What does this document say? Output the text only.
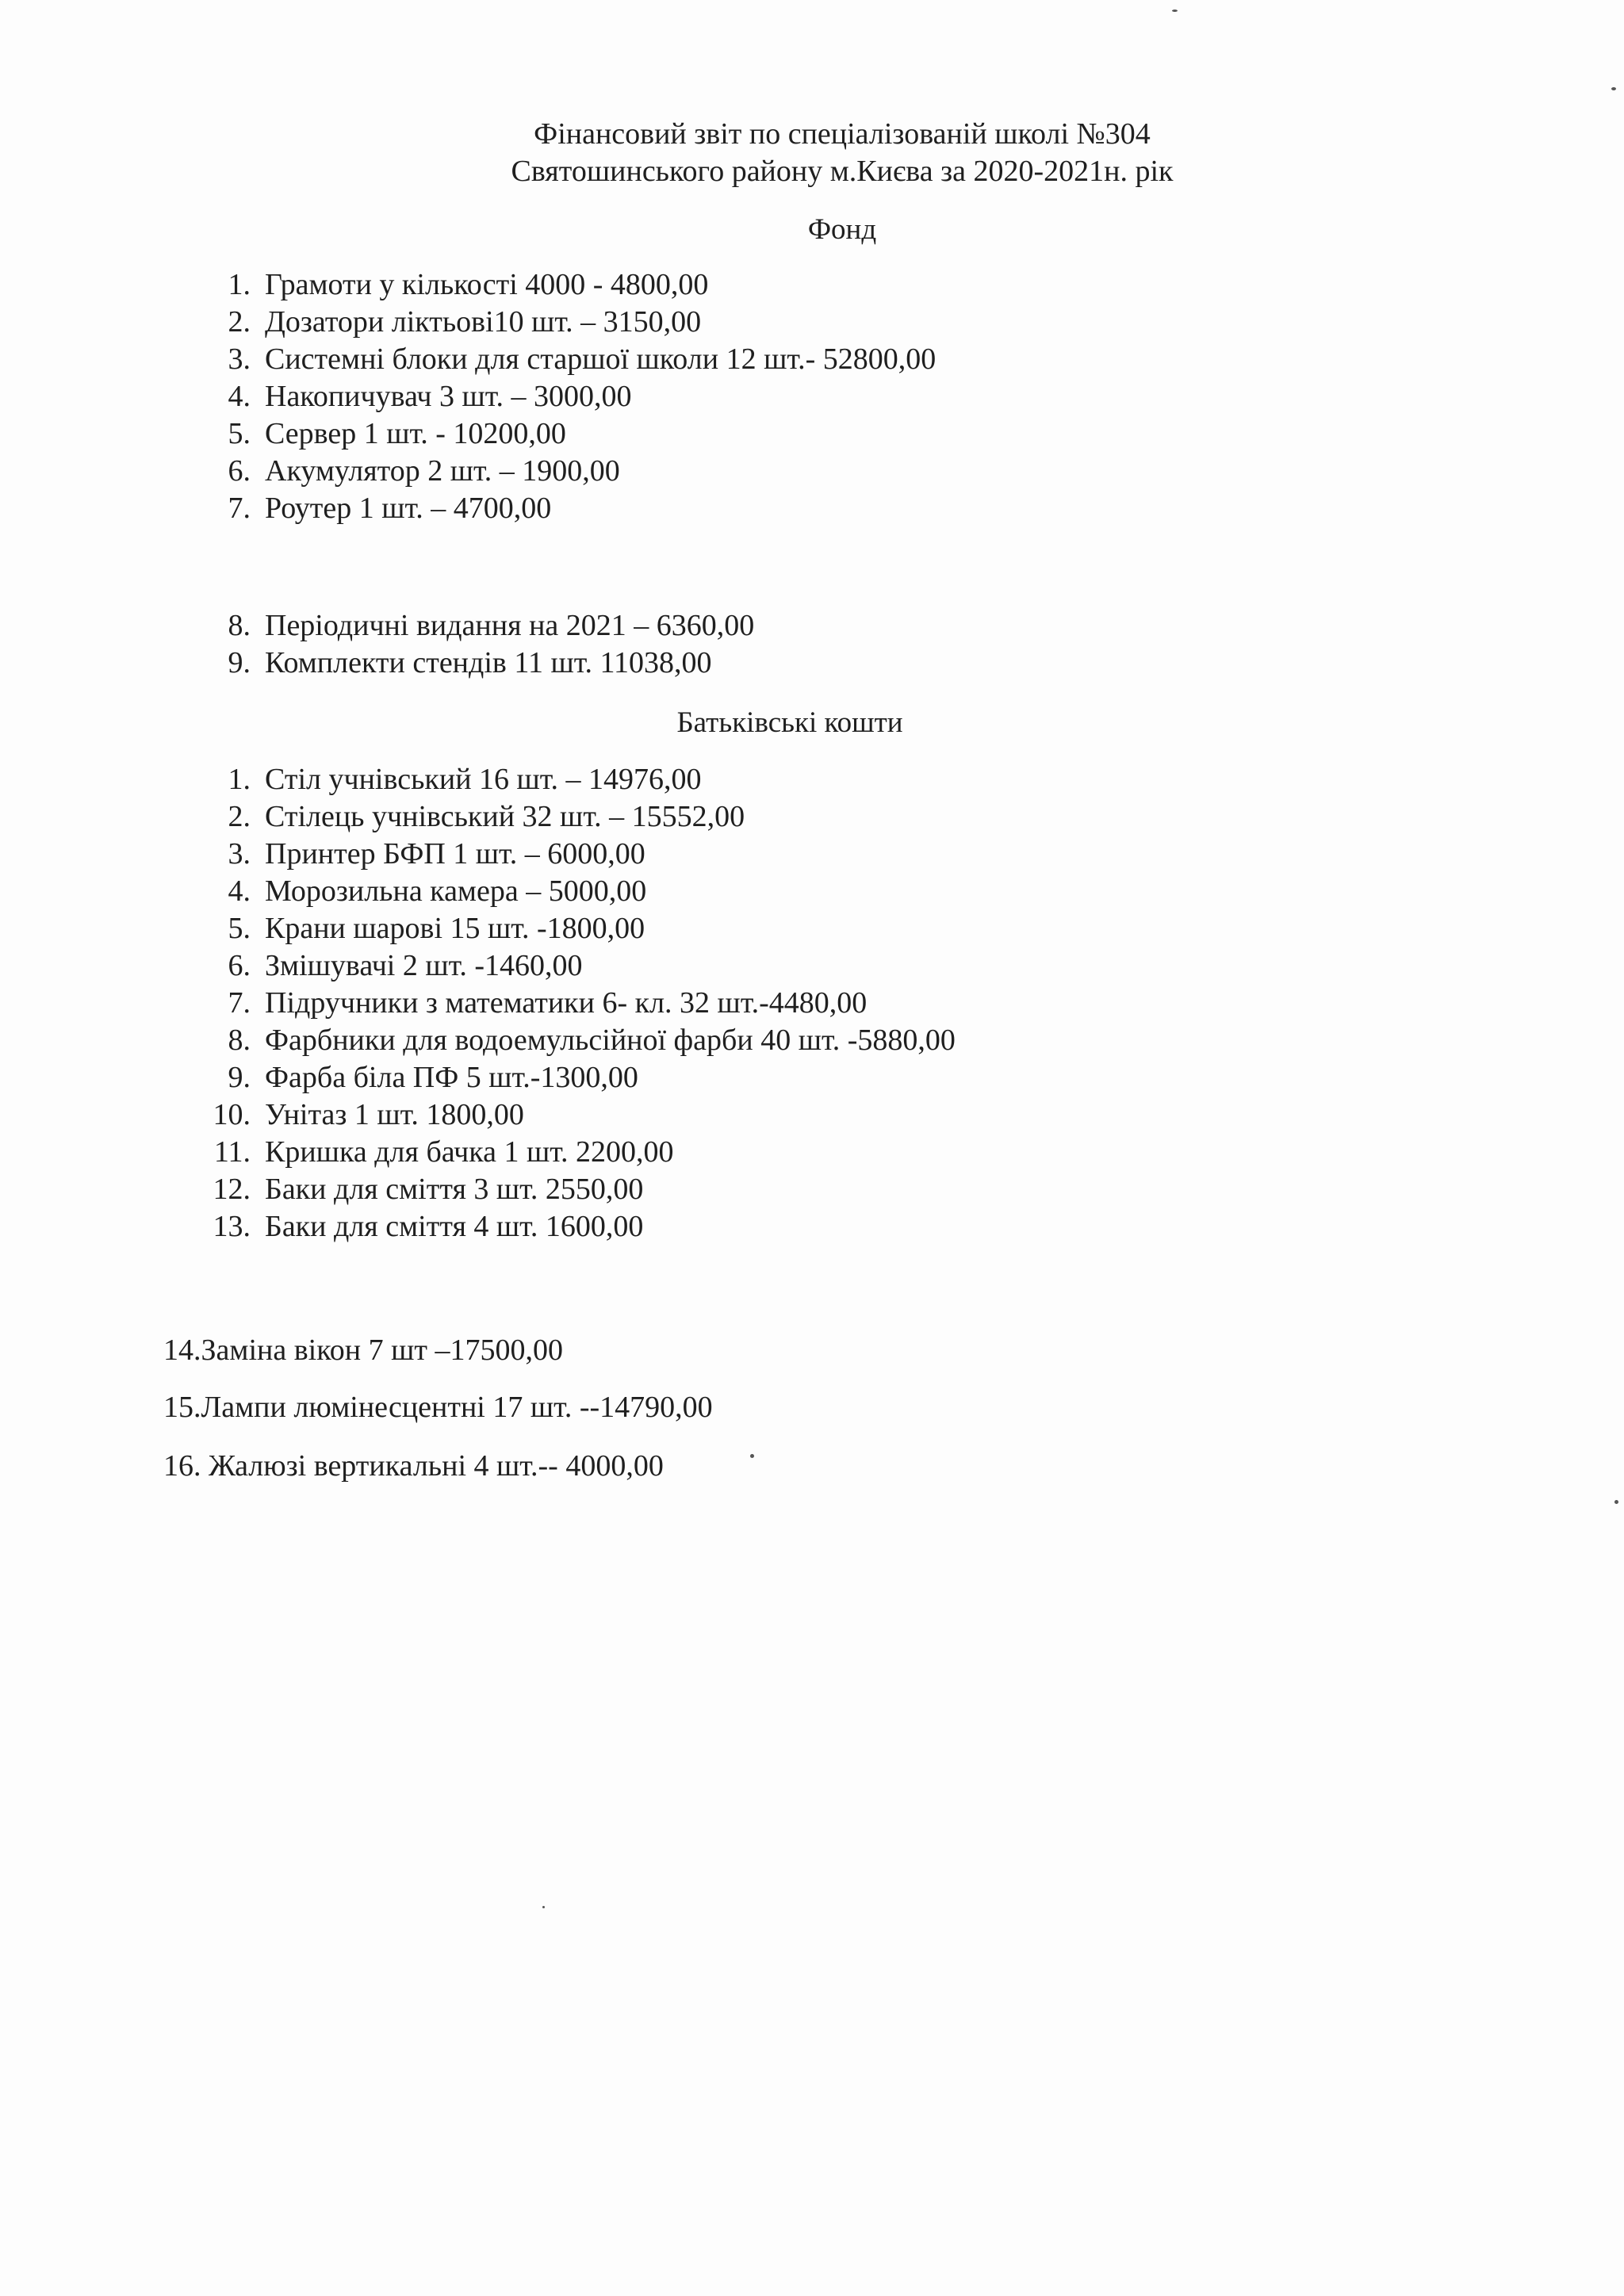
Фінансовий звіт по спеціалізованій школі №304
Святошинського району м.Києва за 2020-2021н. рік
Фонд
1. Грамоти у кількості 4000 - 4800,00
2. Дозатори ліктьові10 шт. – 3150,00
3. Системні блоки для старшої школи 12 шт.- 52800,00
4. Накопичувач 3 шт. – 3000,00
5. Сервер 1 шт. - 10200,00
6. Акумулятор 2 шт. – 1900,00
7. Роутер 1 шт. – 4700,00
8. Періодичні видання на 2021 – 6360,00
9. Комплекти стендів 11 шт. 11038,00
Батьківські кошти
1. Стіл учнівський 16 шт. – 14976,00
2. Стілець учнівський 32 шт. – 15552,00
3. Принтер БФП 1 шт. – 6000,00
4. Морозильна камера – 5000,00
5. Крани шарові 15 шт. -1800,00
6. Змішувачі 2 шт. -1460,00
7. Підручники з математики 6- кл. 32 шт.-4480,00
8. Фарбники для водоемульсійної фарби 40 шт. -5880,00
9. Фарба біла ПФ 5 шт.-1300,00
10. Унітаз 1 шт. 1800,00
11. Кришка для бачка 1 шт. 2200,00
12. Баки для сміття 3 шт. 2550,00
13. Баки для сміття 4 шт. 1600,00
14.Заміна вікон 7 шт –17500,00
15.Лампи люмінесцентні 17 шт. --14790,00
16. Жалюзі вертикальні 4 шт.-- 4000,00
